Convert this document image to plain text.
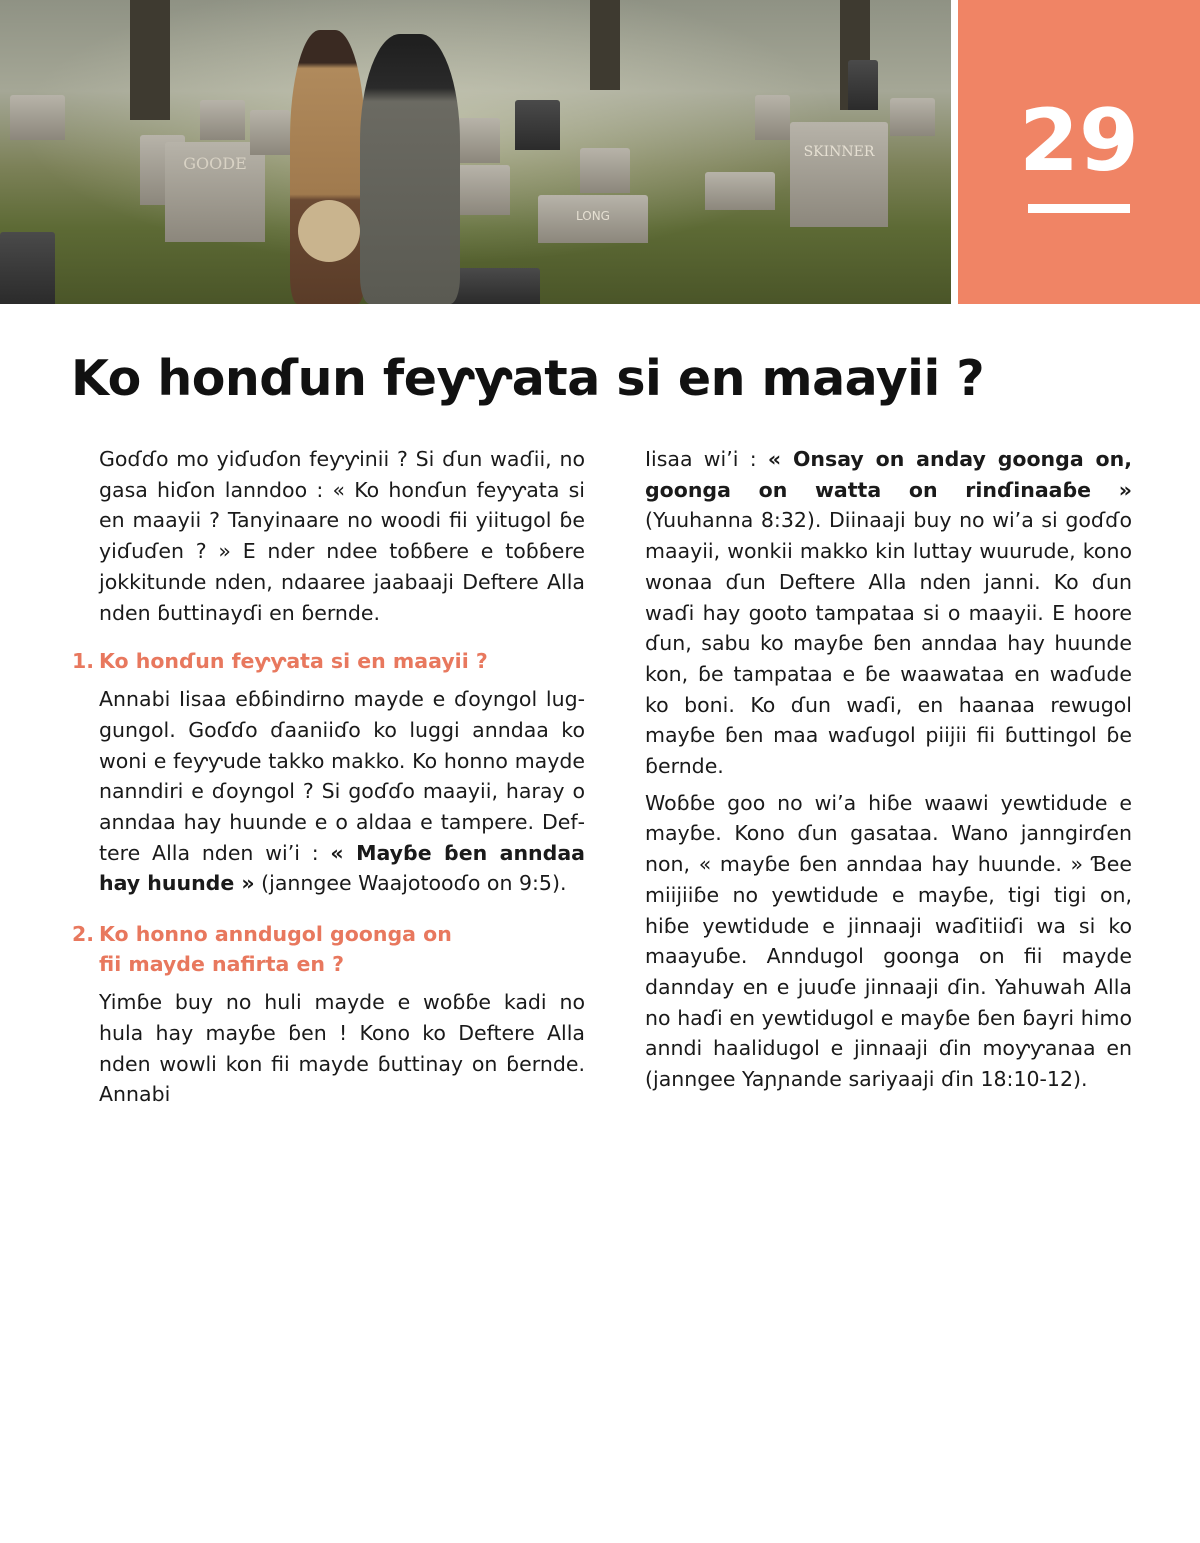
GOODE
LONG
SKINNER	29
Ko honɗun feƴƴata si en maayii ?

Goɗɗo mo yiɗuɗon feƴƴinii ? Si ɗun waɗii, no gasa hiɗon lanndoo : « Ko honɗun feƴƴata si en maayii ? Tanyinaare no woodi fii yiitugol ɓe yiɗuɗen ? » E nder ndee toɓɓere e toɓɓere jokkitunde nden, ndaaree jaabaaji Deftere Alla nden ɓuttinayɗi en ɓernde.

1. Ko honɗun feƴƴata si en maayii ?

Annabi Iisaa eɓɓindirno mayde e ɗoyngol luggungol. Goɗɗo ɗaaniiɗo ko luggi anndaa ko woni e feƴƴude takko makko. Ko honno mayde nanndiri e ɗoyngol ? Si goɗɗo maayii, haray o anndaa hay huunde e o aldaa e tampere. Deftere Alla nden wi’i : « Mayɓe ɓen anndaa hay huunde » (janngee Waajotooɗo on 9:5).

2. Ko honno anndugol goonga on fii mayde nafirta en ?

Yimɓe buy no huli mayde e woɓɓe kadi no hula hay mayɓe ɓen ! Kono ko Deftere Alla nden wowli kon fii mayde ɓuttinay on ɓernde. Annabi

Iisaa wi’i : « Onsay on anday goonga on, goonga on watta on rinɗinaaɓe » (Yuuhanna 8:32). Diinaaji buy no wi’a si goɗɗo maayii, wonkii makko kin luttay wuurude, kono wonaa ɗun Deftere Alla nden janni. Ko ɗun waɗi hay gooto tampataa si o maayii. E hoore ɗun, sabu ko mayɓe ɓen anndaa hay huunde kon, ɓe tampataa e ɓe waawataa en waɗude ko boni. Ko ɗun waɗi, en haanaa rewugol mayɓe ɓen maa waɗugol piijii fii ɓuttingol ɓe ɓernde.

Woɓɓe goo no wi’a hiɓe waawi yewtidude e mayɓe. Kono ɗun gasataa. Wano janngirɗen non, « mayɓe ɓen anndaa hay huunde. » Ɓee miijiiɓe no yewtidude e mayɓe, tigi tigi on, hiɓe yewtidude e jinnaaji waɗitiiɗi wa si ko maayuɓe. Anndugol goonga on fii mayde dannday en e juuɗe jinnaaji ɗin. Yahuwah Alla no haɗi en yewtidugol e mayɓe ɓen ɓayri himo anndi haalidugol e jinnaaji ɗin moƴƴanaa en (janngee Yaɲɲande sariyaaji ɗin 18:10-12).
